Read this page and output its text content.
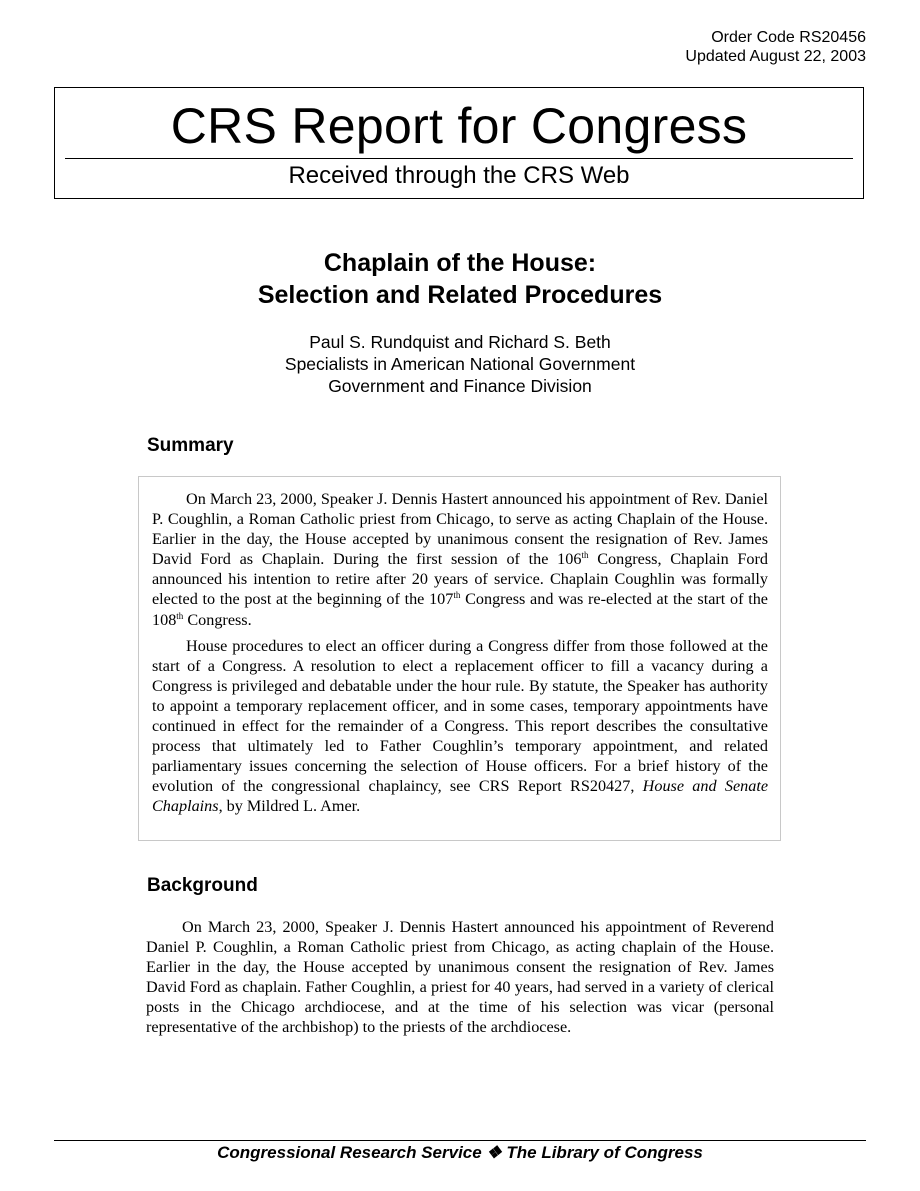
Order Code RS20456
Updated August 22, 2003
CRS Report for Congress
Received through the CRS Web
Chaplain of the House:
Selection and Related Procedures
Paul S. Rundquist and Richard S. Beth
Specialists in American National Government
Government and Finance Division
Summary

On March 23, 2000, Speaker J. Dennis Hastert announced his appointment of Rev. Daniel P. Coughlin, a Roman Catholic priest from Chicago, to serve as acting Chaplain of the House. Earlier in the day, the House accepted by unanimous consent the resignation of Rev. James David Ford as Chaplain. During the first session of the 106th Congress, Chaplain Ford announced his intention to retire after 20 years of service. Chaplain Coughlin was formally elected to the post at the beginning of the 107th Congress and was re-elected at the start of the 108th Congress.

House procedures to elect an officer during a Congress differ from those followed at the start of a Congress. A resolution to elect a replacement officer to fill a vacancy during a Congress is privileged and debatable under the hour rule. By statute, the Speaker has authority to appoint a temporary replacement officer, and in some cases, temporary appointments have continued in effect for the remainder of a Congress. This report describes the consultative process that ultimately led to Father Coughlin’s temporary appointment, and related parliamentary issues concerning the selection of House officers. For a brief history of the evolution of the congressional chaplaincy, see CRS Report RS20427, House and Senate Chaplains, by Mildred L. Amer.

Background

On March 23, 2000, Speaker J. Dennis Hastert announced his appointment of Reverend Daniel P. Coughlin, a Roman Catholic priest from Chicago, as acting chaplain of the House. Earlier in the day, the House accepted by unanimous consent the resignation of Rev. James David Ford as chaplain. Father Coughlin, a priest for 40 years, had served in a variety of clerical posts in the Chicago archdiocese, and at the time of his selection was vicar (personal representative of the archbishop) to the priests of the archdiocese.

Congressional Research Service ❖ The Library of Congress
